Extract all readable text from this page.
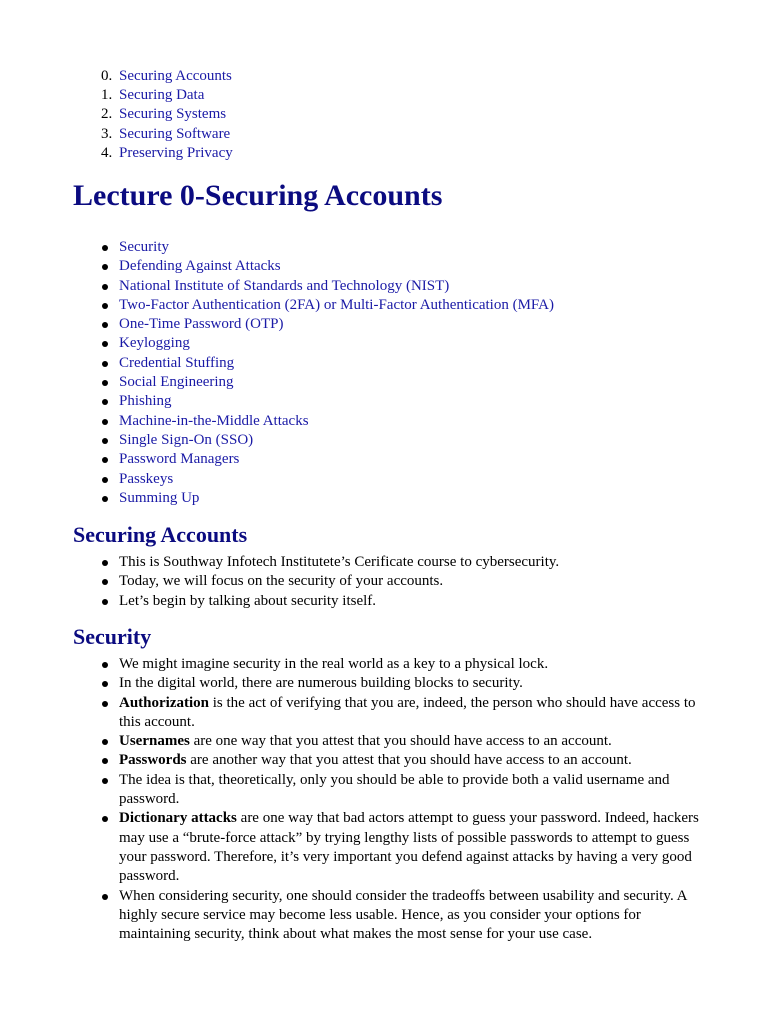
0. Securing Accounts
1. Securing Data
2. Securing Systems
3. Securing Software
4. Preserving Privacy
Lecture 0-Securing Accounts
Security
Defending Against Attacks
National Institute of Standards and Technology (NIST)
Two-Factor Authentication (2FA) or Multi-Factor Authentication (MFA)
One-Time Password (OTP)
Keylogging
Credential Stuffing
Social Engineering
Phishing
Machine-in-the-Middle Attacks
Single Sign-On (SSO)
Password Managers
Passkeys
Summing Up
Securing Accounts
This is Southway Infotech Institutete’s Cerificate course to cybersecurity.
Today, we will focus on the security of your accounts.
Let’s begin by talking about security itself.
Security
We might imagine security in the real world as a key to a physical lock.
In the digital world, there are numerous building blocks to security.
Authorization is the act of verifying that you are, indeed, the person who should have access to this account.
Usernames are one way that you attest that you should have access to an account.
Passwords are another way that you attest that you should have access to an account.
The idea is that, theoretically, only you should be able to provide both a valid username and password.
Dictionary attacks are one way that bad actors attempt to guess your password. Indeed, hackers may use a “brute-force attack” by trying lengthy lists of possible passwords to attempt to guess your password. Therefore, it’s very important you defend against attacks by having a very good password.
When considering security, one should consider the tradeoffs between usability and security. A highly secure service may become less usable. Hence, as you consider your options for maintaining security, think about what makes the most sense for your use case.
